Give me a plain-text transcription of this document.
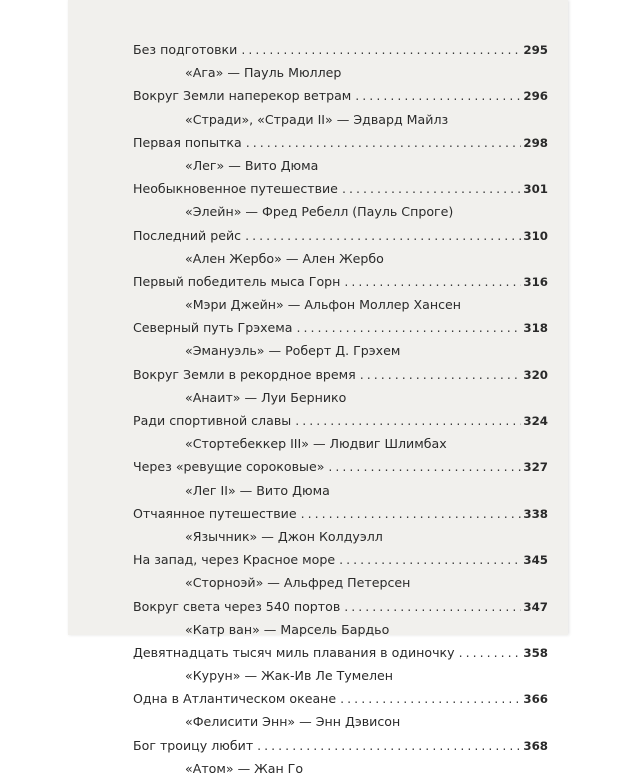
Без подготовки . . .	295
«Ага» — Пауль Мюллер
Вокруг Земли наперекор ветрам . . .	296
«Стради», «Стради II» — Эдвард Майлз
Первая попытка . . .	298
«Лег» — Вито Дюма
Необыкновенное путешествие . . .	301
«Элейн» — Фред Ребелл (Пауль Спроге)
Последний рейс . . .	310
«Ален Жербо» — Ален Жербо
Первый победитель мыса Горн . . .	316
«Мэри Джейн» — Альфон Моллер Хансен
Северный путь Грэхема . . .	318
«Эмануэль» — Роберт Д. Грэхем
Вокруг Земли в рекордное время . . .	320
«Анаит» — Луи Бернико
Ради спортивной славы . . .	324
«Стортебеккер III» — Людвиг Шлимбах
Через «ревущие сороковые» . . .	327
«Лег II» — Вито Дюма
Отчаянное путешествие . . .	338
«Язычник» — Джон Колдуэлл
На запад, через Красное море . . .	345
«Сторноэй» — Альфред Петерсен
Вокруг света через 540 портов . . .	347
«Катр ван» — Марсель Бардьо
Девятнадцать тысяч миль плавания в одиночку . . .	358
«Курун» — Жак-Ив Ле Тумелен
Одна в Атлантическом океане . . .	366
«Фелисити Энн» — Энн Дэвисон
Бог троицу любит . . .	368
«Атом» — Жан Го
